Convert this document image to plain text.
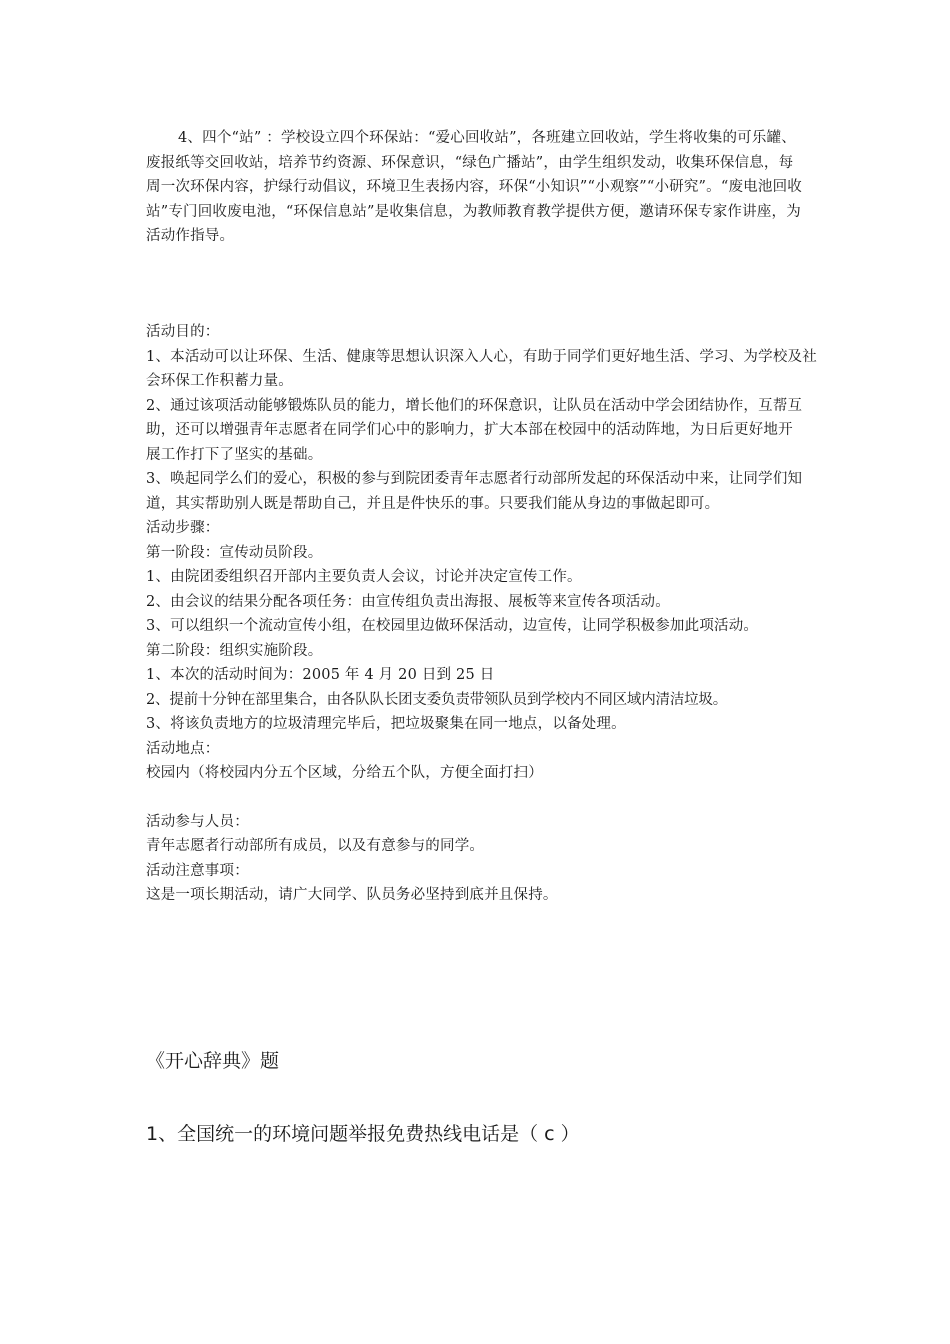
4、四个“站” ：学校设立四个环保站：“爱心回收站”，各班建立回收站，学生将收集的可乐罐、废报纸等交回收站，培养节约资源、环保意识，“绿色广播站”，由学生组织发动，收集环保信息，每周一次环保内容，护绿行动倡议，环境卫生表扬内容，环保“小知识”“小观察”“小研究”。“废电池回收站”专门回收废电池，“环保信息站”是收集信息，为教师教育教学提供方便，邀请环保专家作讲座，为活动作指导。

活动目的：

1、本活动可以让环保、生活、健康等思想认识深入人心，有助于同学们更好地生活、学习、为学校及社会环保工作积蓄力量。

2、通过该项活动能够锻炼队员的能力，增长他们的环保意识，让队员在活动中学会团结协作，互帮互助，还可以增强青年志愿者在同学们心中的影响力，扩大本部在校园中的活动阵地，为日后更好地开展工作打下了坚实的基础。

3、唤起同学么们的爱心，积极的参与到院团委青年志愿者行动部所发起的环保活动中来，让同学们知道，其实帮助别人既是帮助自己，并且是件快乐的事。只要我们能从身边的事做起即可。

活动步骤：

第一阶段：宣传动员阶段。

1、由院团委组织召开部内主要负责人会议，讨论并决定宣传工作。

2、由会议的结果分配各项任务：由宣传组负责出海报、展板等来宣传各项活动。

3、可以组织一个流动宣传小组，在校园里边做环保活动，边宣传，让同学积极参加此项活动。

第二阶段：组织实施阶段。

1、本次的活动时间为：2005 年 4 月 20 日到 25 日

2、提前十分钟在部里集合，由各队队长团支委负责带领队员到学校内不同区域内清洁垃圾。

3、将该负责地方的垃圾清理完毕后，把垃圾聚集在同一地点，以备处理。

活动地点：

校园内（将校园内分五个区域，分给五个队，方便全面打扫）

活动参与人员：

青年志愿者行动部所有成员，以及有意参与的同学。

活动注意事项：

这是一项长期活动，请广大同学、队员务必坚持到底并且保持。

《开心辞典》题

1、全国统一的环境问题举报免费热线电话是（ c ）
